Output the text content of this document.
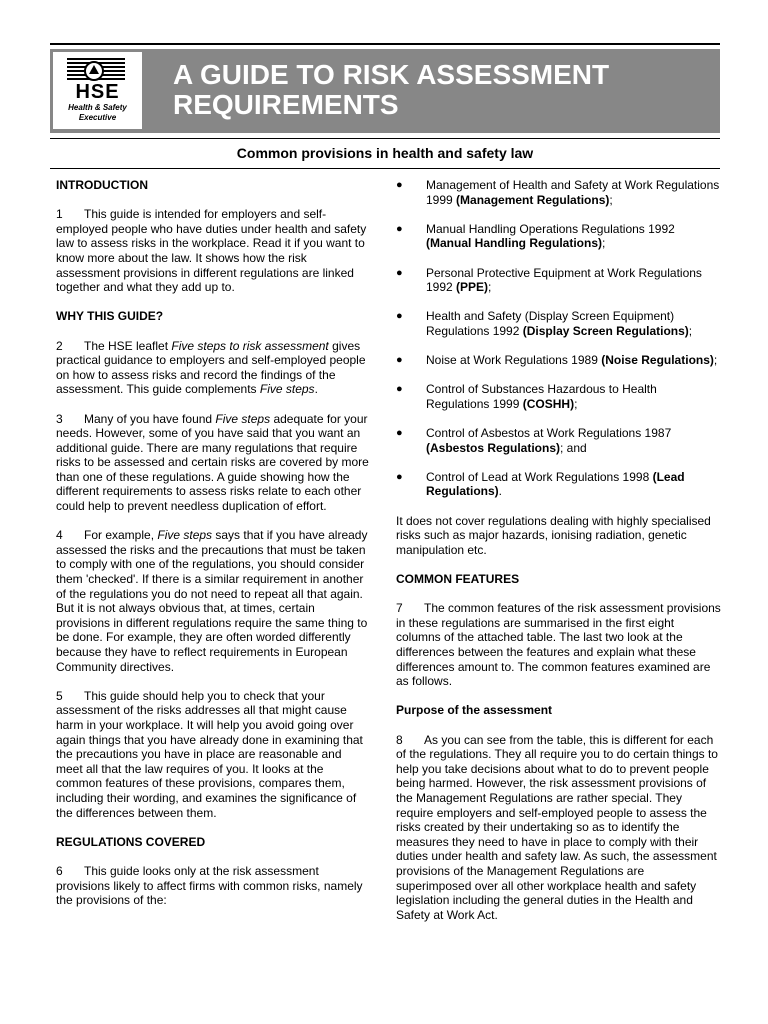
HSE
Health & Safety Executive
A GUIDE TO RISK ASSESSMENT
REQUIREMENTS
Common provisions in health and safety law

INTRODUCTION

1 This guide is intended for employers and self-employed people who have duties under health and safety law to assess risks in the workplace. Read it if you want to know more about the law. It shows how the risk assessment provisions in different regulations are linked together and what they add up to.

WHY THIS GUIDE?

2 The HSE leaflet Five steps to risk assessment gives practical guidance to employers and self-employed people on how to assess risks and record the findings of the assessment. This guide complements Five steps.

3 Many of you have found Five steps adequate for your needs. However, some of you have said that you want an additional guide. There are many regulations that require risks to be assessed and certain risks are covered by more than one of these regulations. A guide showing how the different requirements to assess risks relate to each other could help to prevent needless duplication of effort.

4 For example, Five steps says that if you have already assessed the risks and the precautions that must be taken to comply with one of the regulations, you should consider them 'checked'. If there is a similar requirement in another of the regulations you do not need to repeat all that again. But it is not always obvious that, at times, certain provisions in different regulations require the same thing to be done. For example, they are often worded differently because they have to reflect requirements in European Community directives.

5 This guide should help you to check that your assessment of the risks addresses all that might cause harm in your workplace. It will help you avoid going over again things that you have already done in examining that the precautions you have in place are reasonable and meet all that the law requires of you. It looks at the common features of these provisions, compares them, including their wording, and examines the significance of the differences between them.

REGULATIONS COVERED

6 This guide looks only at the risk assessment provisions likely to affect firms with common risks, namely the provisions of the:

● Management of Health and Safety at Work Regulations 1999 (Management Regulations);
● Manual Handling Operations Regulations 1992 (Manual Handling Regulations);
● Personal Protective Equipment at Work Regulations 1992 (PPE);
● Health and Safety (Display Screen Equipment) Regulations 1992 (Display Screen Regulations);
● Noise at Work Regulations 1989 (Noise Regulations);
● Control of Substances Hazardous to Health Regulations 1999 (COSHH);
● Control of Asbestos at Work Regulations 1987 (Asbestos Regulations); and
● Control of Lead at Work Regulations 1998 (Lead Regulations).

It does not cover regulations dealing with highly specialised risks such as major hazards, ionising radiation, genetic manipulation etc.

COMMON FEATURES

7 The common features of the risk assessment provisions in these regulations are summarised in the first eight columns of the attached table. The last two look at the differences between the features and explain what these differences amount to. The common features examined are as follows.

Purpose of the assessment

8 As you can see from the table, this is different for each of the regulations. They all require you to do certain things to help you take decisions about what to do to prevent people being harmed. However, the risk assessment provisions of the Management Regulations are rather special. They require employers and self-employed people to assess the risks created by their undertaking so as to identify the measures they need to have in place to comply with their duties under health and safety law. As such, the assessment provisions of the Management Regulations are superimposed over all other workplace health and safety legislation including the general duties in the Health and Safety at Work Act.
